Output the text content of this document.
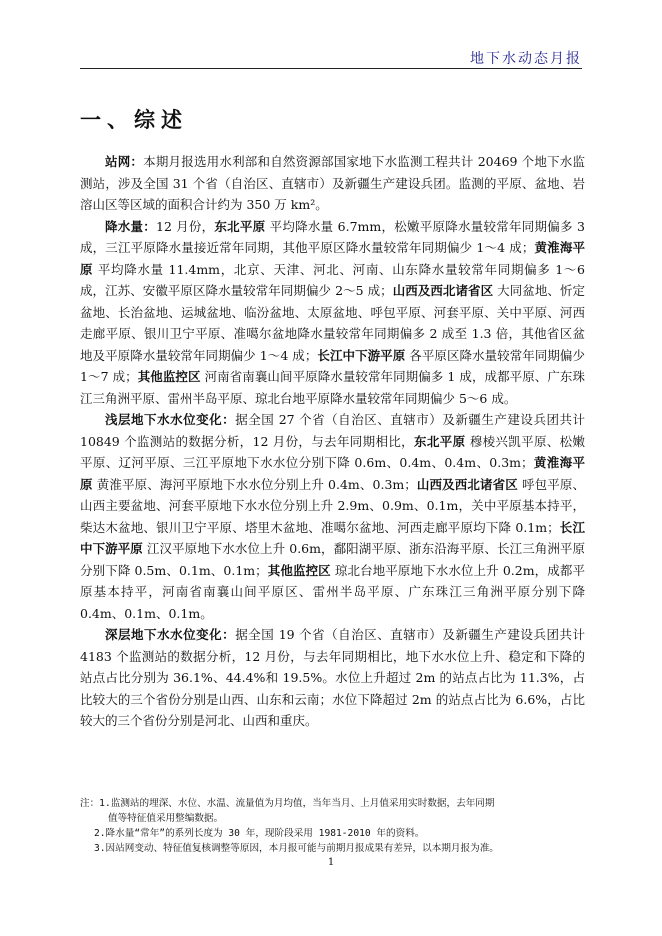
地下水动态月报
一、综述

站网：本期月报选用水利部和自然资源部国家地下水监测工程共计 20469 个地下水监测站，涉及全国 31 个省（自治区、直辖市）及新疆生产建设兵团。监测的平原、盆地、岩溶山区等区域的面积合计约为 350 万 km²。

降水量：12 月份，东北平原 平均降水量 6.7mm，松嫩平原降水量较常年同期偏多 3 成，三江平原降水量接近常年同期，其他平原区降水量较常年同期偏少 1～4 成；黄淮海平原 平均降水量 11.4mm，北京、天津、河北、河南、山东降水量较常年同期偏多 1～6 成，江苏、安徽平原区降水量较常年同期偏少 2～5 成；山西及西北诸省区 大同盆地、忻定盆地、长治盆地、运城盆地、临汾盆地、太原盆地、呼包平原、河套平原、关中平原、河西走廊平原、银川卫宁平原、准噶尔盆地降水量较常年同期偏多 2 成至 1.3 倍，其他省区盆地及平原降水量较常年同期偏少 1～4 成；长江中下游平原 各平原区降水量较常年同期偏少 1～7 成；其他监控区 河南省南襄山间平原降水量较常年同期偏多 1 成，成都平原、广东珠江三角洲平原、雷州半岛平原、琼北台地平原降水量较常年同期偏少 5～6 成。

浅层地下水水位变化：据全国 27 个省（自治区、直辖市）及新疆生产建设兵团共计 10849 个监测站的数据分析，12 月份，与去年同期相比，东北平原 穆棱兴凯平原、松嫩平原、辽河平原、三江平原地下水水位分别下降 0.6m、0.4m、0.4m、0.3m；黄淮海平原 黄淮平原、海河平原地下水水位分别上升 0.4m、0.3m；山西及西北诸省区 呼包平原、山西主要盆地、河套平原地下水水位分别上升 2.9m、0.9m、0.1m，关中平原基本持平，柴达木盆地、银川卫宁平原、塔里木盆地、准噶尔盆地、河西走廊平原均下降 0.1m；长江中下游平原 江汉平原地下水水位上升 0.6m，鄱阳湖平原、浙东沿海平原、长江三角洲平原分别下降 0.5m、0.1m、0.1m；其他监控区 琼北台地平原地下水水位上升 0.2m，成都平原基本持平，河南省南襄山间平原区、雷州半岛平原、广东珠江三角洲平原分别下降 0.4m、0.1m、0.1m。

深层地下水水位变化：据全国 19 个省（自治区、直辖市）及新疆生产建设兵团共计 4183 个监测站的数据分析，12 月份，与去年同期相比，地下水水位上升、稳定和下降的站点占比分别为 36.1%、44.4%和 19.5%。水位上升超过 2m 的站点占比为 11.3%，占比较大的三个省份分别是山西、山东和云南；水位下降超过 2m 的站点占比为 6.6%，占比较大的三个省份分别是河北、山西和重庆。

注：1.监测站的埋深、水位、水温、流量值为月均值，当年当月、上月值采用实时数据，去年同期
值等特征值采用整编数据。
2.降水量“常年”的系列长度为 30 年，现阶段采用 1981-2010 年的资料。
3.因站网变动、特征值复核调整等原因，本月报可能与前期月报成果有差异，以本期月报为准。
1
